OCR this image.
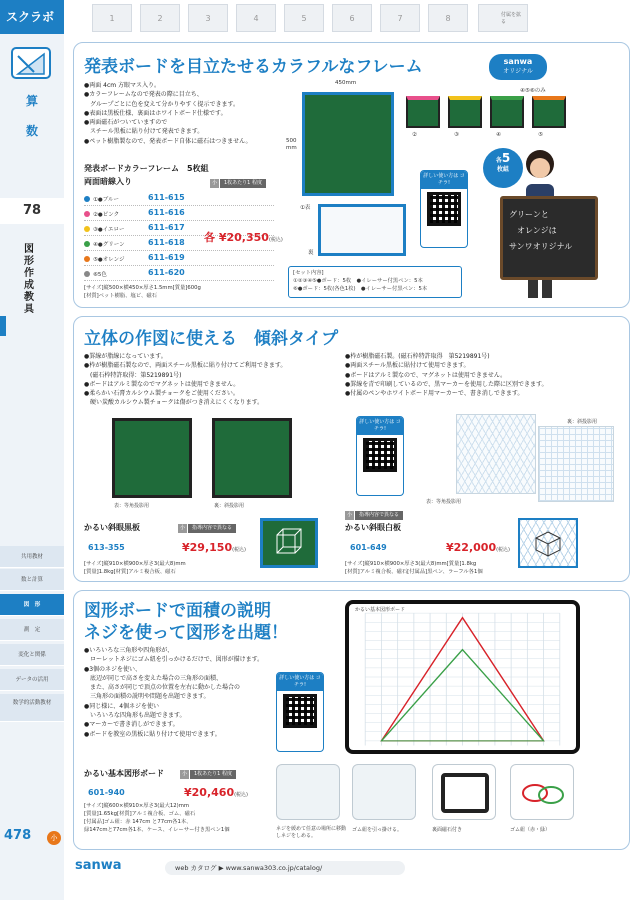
スクラボ
算
数
78
図形作成教具
共用教材
数と計算
図　形
測　定
変化と関係
データの活用
数学的活動教材
478	小
1	2	3	4	5	6	7	8	付属を拡る
発表ボードを目立たせるカラフルなフレーム	sanwa
オリジナル
●両面 4cm 方眼マス入り。
●カラーフレームなので発表の際に目立ち、
　グループごとに色を変えて分かりやすく提示できます。
●表面は黒板仕様、裏面はホワイトボード仕様です。
●両面磁石がついていますので
　スチール黒板に貼り付けて発表できます。
●ペット樹脂製なので、発表ボード自体に磁石はつきません。
450mm
500
mm
①表
裏
④⑤⑥のみ
②	③	④	⑤
発表ボードカラーフレーム　5枚組
両面暗線入り	小	1枚あたり1 程度
①●ブルー	611-615
②●ピンク	611-616
③●イエロー	611-617
④●グリーン	611-618
⑤●オレンジ	611-619
⑥5色	611-620
各 ¥20,350(税込)
[サイズ]縦500×横450×厚さ1.5mm[質量]600g
[材質]ペット樹脂、塩ビ、磁石
[セット内容]
①②③④⑤●ボード：5枚　●イレーサー付黒ペン：5本
⑥●ボード：5枚(各色1枚)　●イレーサー付黒ペン：5本
詳しい使い方は コチラ!
各5
枚組
グリーンと
オレンジは
サンワオリジナル
立体の作図に使える　傾斜タイプ
●罫線が脂線になっています。
●枠が樹脂磁石製なので、両面スチール黒板に貼り付けてご利用できます。
　(磁石枠特許取得：第5219891号)
●ボードはアルミ製なのでマグネットは使用できません。
●柔らかい石膏カルシウム製チョークをご使用ください。
　硬い炭酸カルシウム製チョークは傷がつき消えにくくなります。
●枠が樹脂磁石製。(磁石枠特許取得　第5219891号)
●両面スチール黒板に貼付けて使用できます。
●ボードはアルミ製なので、マグネットは使用できません。
●罫線を青で印刷しているので、黒マーカーを使用した際に区別できます。
●付属のペンやホワイトボード用マーカーで、書き消しできます。
表：等角投影用	裏：斜投影用
詳しい使い方は コチラ!
裏：斜投影用
表：等角投影用
かるい斜眼黒板	小	指導内容で異なる
613-355	¥29,150(税込)
[サイズ]縦910×横900×厚さ3(最大8)mm
[質量]1.8kg[材質]アルミ複合板、磁石
かるい斜眼白板
小	指導内容で異なる
601-649	¥22,000(税込)
[サイズ]縦910×横900×厚さ3(最大8)mm[質量]1.8kg
[材質]アルミ複合板、磁石[付属品]黒ペン、ラーフル各1個
図形ボードで面積の説明
ネジを使って図形を出題！
●いろいろな三角形や四角形が、
　ローレットネジにゴム紐を引っかけるだけで、図形が描けます。
●3個のネジを使い、
　底辺が同じで高さを変えた場合の三角形の面積、
　また、高さが同じで頂点の位置を左右に動かした場合の
　三角形の面積の説明や問題を出題できます。
●同じ様に、4個ネジを使い
　いろいろな四角形も出題できます。
●マーカーで書き消しができます。
●ボードを教室の黒板に貼り付けて使用できます。
詳しい使い方は コチラ!
かるい基本図形ボード
かるい基本図形ボード	小	1枚あたり1 程度
601-940	¥20,460(税込)
[サイズ]縦600×横910×厚さ3(最大12)mm
[質量]1.65kg[材質]アルミ複合板、ゴム、磁石
[付属品]ゴム紐：赤 147cm と77cm各1本、
緑147cmと77cm各1本、ケース、イレーサー付き黒ペン1個	ネジを緩めて任意の場所に移動しネジをしめる。
ゴム紐を引っ掛ける。	裏面磁石付き	ゴム紐（赤・緑）
sanwa	web カタログ ▶ www.sanwa303.co.jp/catalog/
